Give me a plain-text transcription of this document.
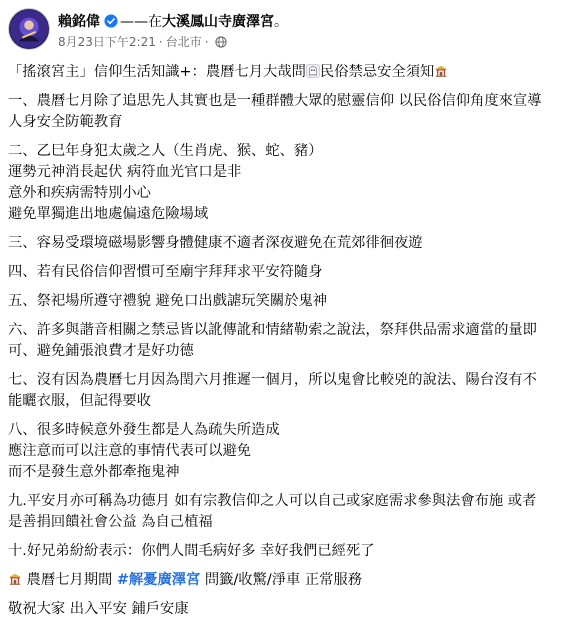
賴銘偉 ——在 大溪鳳山寺廣澤宮 。
8月23日下午2:21 · 台北市 ·
「搖滾宮主」信仰生活知識+：農曆七月大哉問 民俗禁忌安全須知
一、農曆七月除了追思先人其實也是一種群體大眾的慰靈信仰 以民俗信仰角度來宣導
人身安全防範教育
二、乙巳年身犯太歲之人（生肖虎、猴、蛇、豬）
運勢元神消長起伏 病符血光官口是非
意外和疾病需特別小心
避免單獨進出地處偏遠危險場域
三、容易受環境磁場影響身體健康不適者深夜避免在荒郊徘徊夜遊
四、若有民俗信仰習慣可至廟宇拜拜求平安符隨身
五、祭祀場所遵守禮貌 避免口出戲謔玩笑關於鬼神
六、許多與諧音相關之禁忌皆以訛傳訛和情緒勒索之說法，祭拜供品需求適當的量即
可、避免鋪張浪費才是好功德
七、沒有因為農曆七月因為閏六月推遲一個月，所以鬼會比較兇的說法、陽台沒有不
能曬衣服，但記得要收
八、很多時候意外發生都是人為疏失所造成
應注意而可以注意的事情代表可以避免
而不是發生意外都牽拖鬼神
九.平安月亦可稱為功德月 如有宗教信仰之人可以自己或家庭需求參與法會布施 或者
是善捐回饋社會公益 為自己植福
十.好兄弟紛紛表示：你們人間毛病好多 幸好我們已經死了
農曆七月期間 #解憂廣澤宮 問籤/收驚/淨車 正常服務
敬祝大家 出入平安 鋪戶安康
